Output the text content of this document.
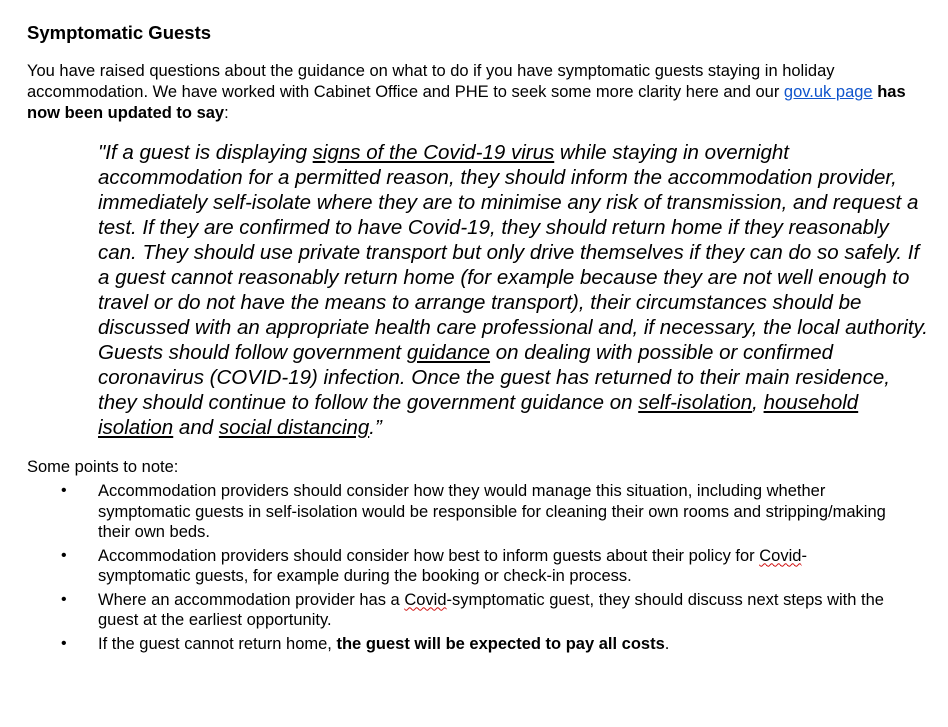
Symptomatic Guests

You have raised questions about the guidance on what to do if you have symptomatic guests staying in holiday accommodation. We have worked with Cabinet Office and PHE to seek some more clarity here and our gov.uk page has now been updated to say:

"If a guest is displaying signs of the Covid-19 virus while staying in overnight accommodation for a permitted reason, they should inform the accommodation provider, immediately self-isolate where they are to minimise any risk of transmission, and request a test. If they are confirmed to have Covid-19, they should return home if they reasonably can. They should use private transport but only drive themselves if they can do so safely. If a guest cannot reasonably return home (for example because they are not well enough to travel or do not have the means to arrange transport), their circumstances should be discussed with an appropriate health care professional and, if necessary, the local authority. Guests should follow government guidance on dealing with possible or confirmed coronavirus (COVID-19) infection. Once the guest has returned to their main residence, they should continue to follow the government guidance on self-isolation, household isolation and social distancing.”

Some points to note:

• Accommodation providers should consider how they would manage this situation, including whether symptomatic guests in self-isolation would be responsible for cleaning their own rooms and stripping/making their own beds.
• Accommodation providers should consider how best to inform guests about their policy for Covid-symptomatic guests, for example during the booking or check-in process.
• Where an accommodation provider has a Covid-symptomatic guest, they should discuss next steps with the guest at the earliest opportunity.
• If the guest cannot return home, the guest will be expected to pay all costs.
